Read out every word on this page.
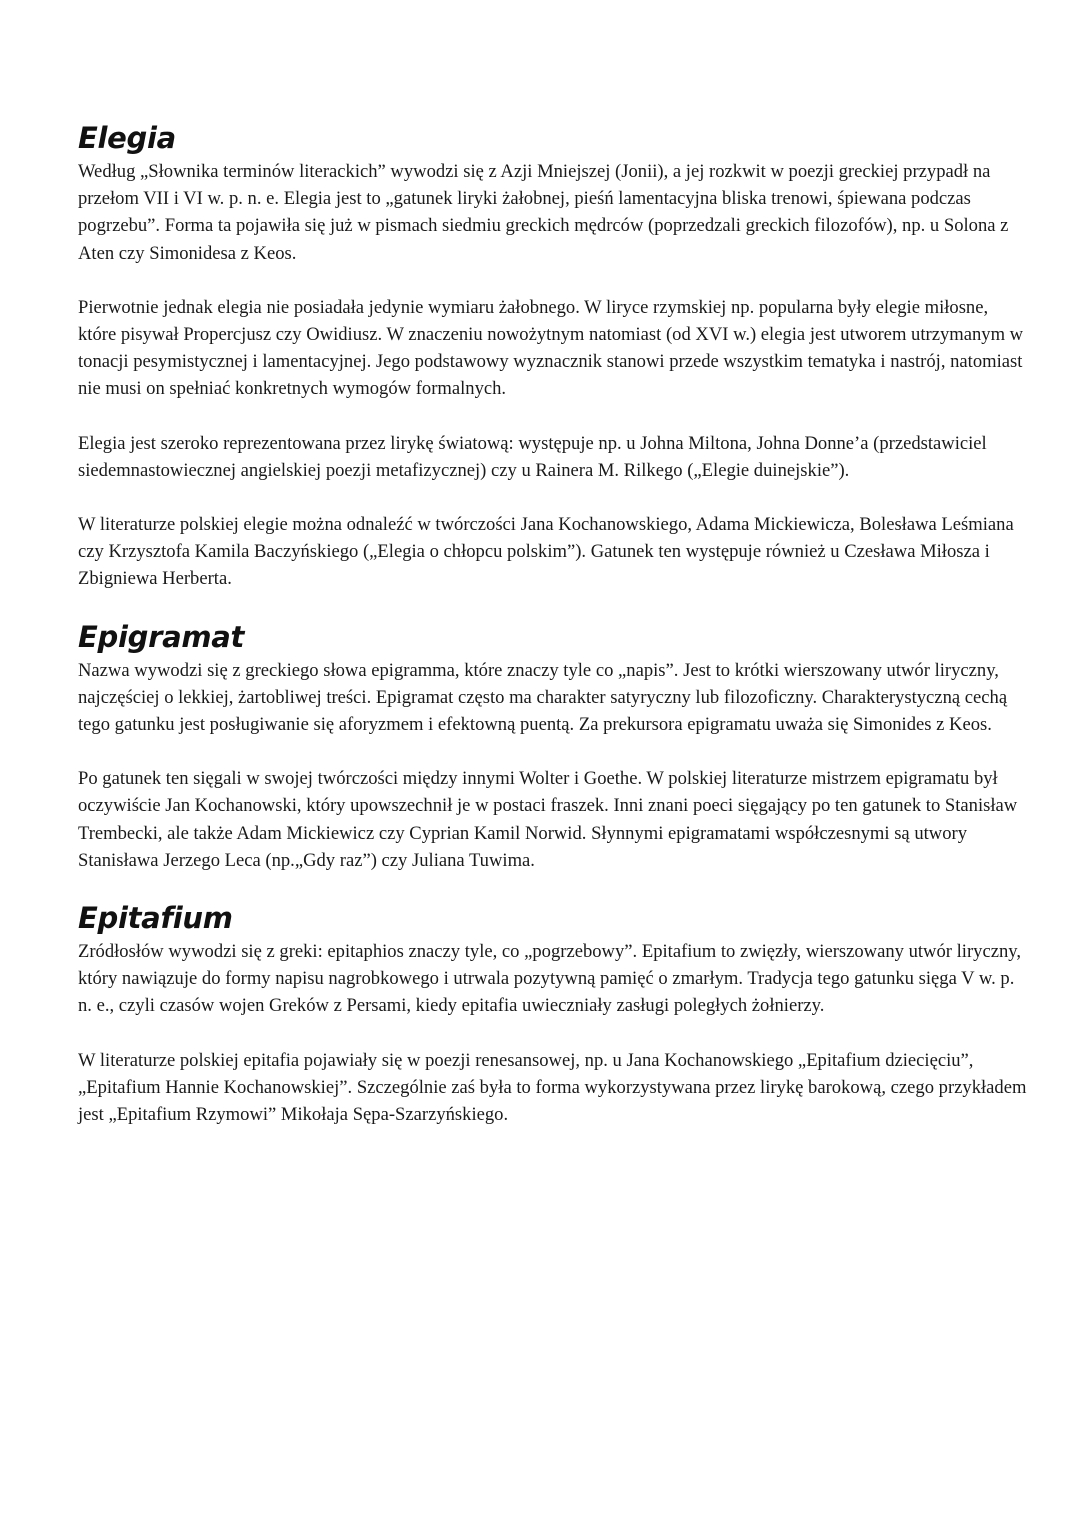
Elegia

Według „Słownika terminów literackich” wywodzi się z Azji Mniejszej (Jonii), a jej rozkwit w poezji greckiej przypadł na przełom VII i VI w. p. n. e. Elegia jest to „gatunek liryki żałobnej, pieśń lamentacyjna bliska trenowi, śpiewana podczas pogrzebu”. Forma ta pojawiła się już w pismach siedmiu greckich mędrców (poprzedzali greckich filozofów), np. u Solona z Aten czy Simonidesa z Keos.

Pierwotnie jednak elegia nie posiadała jedynie wymiaru żałobnego. W liryce rzymskiej np. popularna były elegie miłosne, które pisywał Propercjusz czy Owidiusz. W znaczeniu nowożytnym natomiast (od XVI w.) elegia jest utworem utrzymanym w tonacji pesymistycznej i lamentacyjnej. Jego podstawowy wyznacznik stanowi przede wszystkim tematyka i nastrój, natomiast nie musi on spełniać konkretnych wymogów formalnych.

Elegia jest szeroko reprezentowana przez lirykę światową: występuje np. u Johna Miltona, Johna Donne’a (przedstawiciel siedemnastowiecznej angielskiej poezji metafizycznej) czy u Rainera M. Rilkego („Elegie duinejskie”).

W literaturze polskiej elegie można odnaleźć w twórczości Jana Kochanowskiego, Adama Mickiewicza, Bolesława Leśmiana czy Krzysztofa Kamila Baczyńskiego („Elegia o chłopcu polskim”). Gatunek ten występuje również u Czesława Miłosza i Zbigniewa Herberta.

Epigramat

Nazwa wywodzi się z greckiego słowa epigramma, które znaczy tyle co „napis”. Jest to krótki wierszowany utwór liryczny, najczęściej o lekkiej, żartobliwej treści. Epigramat często ma charakter satyryczny lub filozoficzny. Charakterystyczną cechą tego gatunku jest posługiwanie się aforyzmem i efektowną puentą. Za prekursora epigramatu uważa się Simonides z Keos.

Po gatunek ten sięgali w swojej twórczości między innymi Wolter i Goethe. W polskiej literaturze mistrzem epigramatu był oczywiście Jan Kochanowski, który upowszechnił je w postaci fraszek. Inni znani poeci sięgający po ten gatunek to Stanisław Trembecki, ale także Adam Mickiewicz czy Cyprian Kamil Norwid. Słynnymi epigramatami współczesnymi są utwory Stanisława Jerzego Leca (np.„Gdy raz”) czy Juliana Tuwima.

Epitafium

Zródłosłów wywodzi się z greki: epitaphios znaczy tyle, co „pogrzebowy”. Epitafium to zwięzły, wierszowany utwór liryczny, który nawiązuje do formy napisu nagrobkowego i utrwala pozytywną pamięć o zmarłym. Tradycja tego gatunku sięga V w. p. n. e., czyli czasów wojen Greków z Persami, kiedy epitafia uwieczniały zasługi poległych żołnierzy.

W literaturze polskiej epitafia pojawiały się w poezji renesansowej, np. u Jana Kochanowskiego „Epitafium dziecięciu”, „Epitafium Hannie Kochanowskiej”. Szczególnie zaś była to forma wykorzystywana przez lirykę barokową, czego przykładem jest „Epitafium Rzymowi” Mikołaja Sępa-Szarzyńskiego.
